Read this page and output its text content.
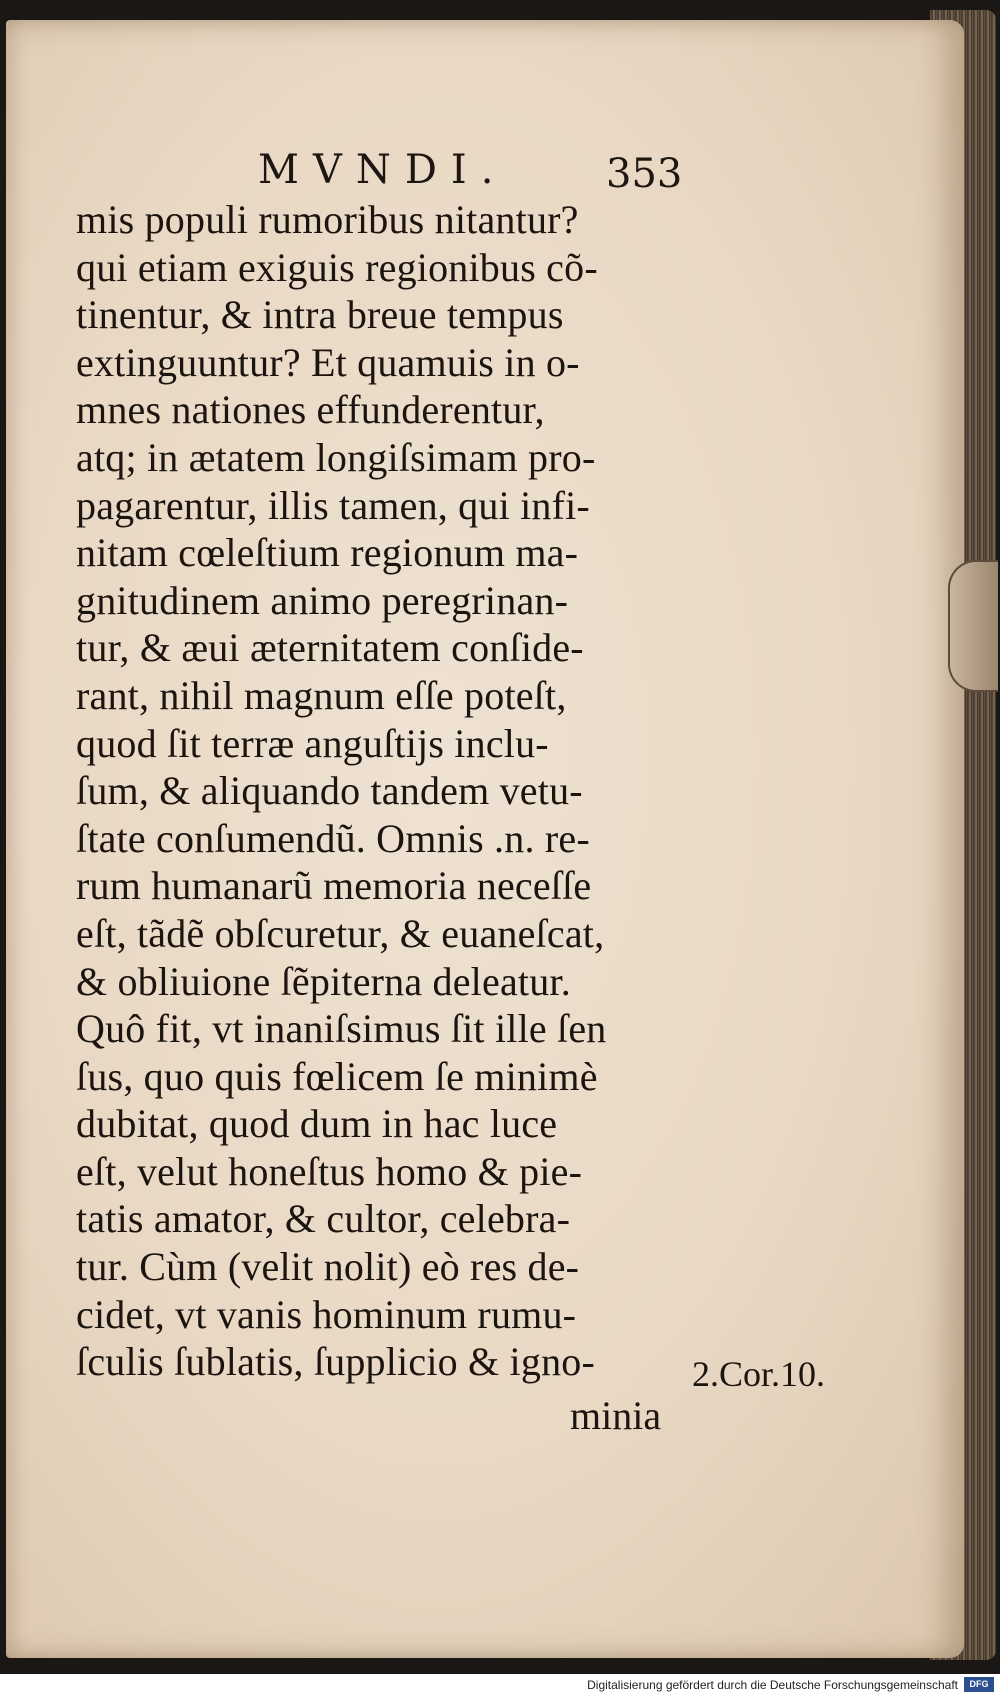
MVNDI. 353
mis populi rumoribus nitantur?
qui etiam exiguis regionibus cõ-
tinentur, & intra breue tempus
extinguuntur? Et quamuis in o-
mnes nationes effunderentur,
atq; in ætatem longiſsimam pro-
pagarentur, illis tamen, qui infi-
nitam cœleſtium regionum ma-
gnitudinem animo peregrinan-
tur, & æui æternitatem conſide-
rant, nihil magnum eſſe poteſt,
quod ſit terræ anguſtijs inclu-
ſum, & aliquando tandem vetu-
ſtate conſumendũ. Omnis .n. re-
rum humanarũ memoria neceſſe
eſt, tãdẽ obſcuretur, & euaneſcat,
& obliuione ſẽpiterna deleatur.
Quô fit, vt inaniſsimus ſit ille ſen
ſus, quo quis fœlicem ſe minimè
dubitat, quod dum in hac luce
eſt, velut honeſtus homo & pie-
tatis amator, & cultor, celebra-
tur. Cùm (velit nolit) eò res de-
cidet, vt vanis hominum rumu-
ſculis ſublatis, ſupplicio & igno-	2.Cor.10.
minia
Digitalisierung gefördert durch die Deutsche Forschungsgemeinschaft	DFG
